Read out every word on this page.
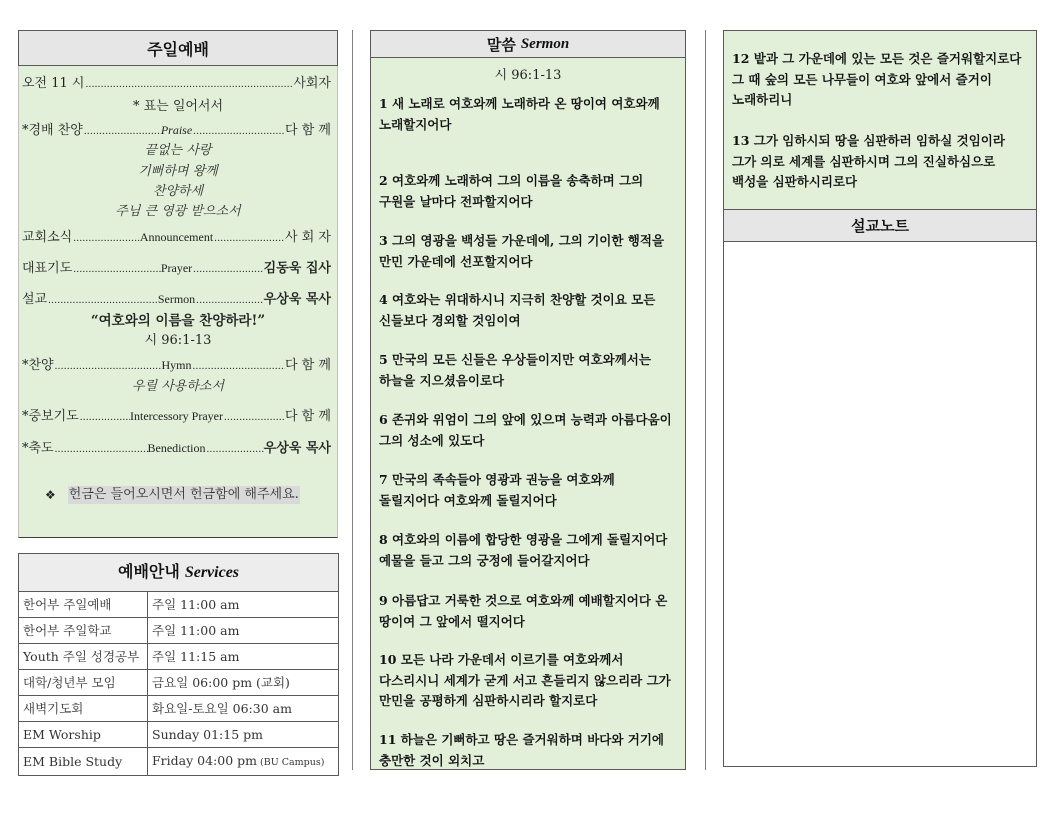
주일예배
오전 11 시 .....	사회자
* 표는 일어서서
*경배 찬양 .....	Praise .....	다 함 께
끝없는 사랑
기뻐하며 왕께
찬양하세
주님 큰 영광 받으소서
교회소식 .....	Announcement .....	사 회 자
대표기도 .....	Prayer .....	김동욱 집사
설교 .....	Sermon .....	우상욱 목사
“여호와의 이름을 찬양하라!”
시 96:1-13
*찬양 .....	Hymn .....	다 함 께
우릴 사용하소서
*중보기도 .....	Intercessory Prayer .....	다 함 께
*축도 .....	Benediction .....	우상욱 목사
❖
헌금은 들어오시면서 헌금함에 해주세요.
예배안내 Services	
한어부 주일예배	주일 11:00 am
한어부 주일학교	주일 11:00 am
Youth 주일 성경공부	주일 11:15 am
대학/청년부 모임	금요일 06:00 pm (교회)
새벽기도회	화요일-토요일 06:30 am
EM Worship	Sunday 01:15 pm
EM Bible Study	Friday 04:00 pm (BU Campus)
말씀 Sermon
시 96:1-13
1 새 노래로 여호와께 노래하라 온 땅이여 여호와께
노래할지어다
2 여호와께 노래하여 그의 이름을 송축하며 그의
구원을 날마다 전파할지어다
3 그의 영광을 백성들 가운데에, 그의 기이한 행적을
만민 가운데에 선포할지어다
4 여호와는 위대하시니 지극히 찬양할 것이요 모든
신들보다 경외할 것임이여
5 만국의 모든 신들은 우상들이지만 여호와께서는
하늘을 지으셨음이로다
6 존귀와 위엄이 그의 앞에 있으며 능력과 아름다움이
그의 성소에 있도다
7 만국의 족속들아 영광과 권능을 여호와께
돌릴지어다 여호와께 돌릴지어다
8 여호와의 이름에 합당한 영광을 그에게 돌릴지어다
예물을 들고 그의 궁정에 들어갈지어다
9 아름답고 거룩한 것으로 여호와께 예배할지어다 온
땅이여 그 앞에서 떨지어다
10 모든 나라 가운데서 이르기를 여호와께서
다스리시니 세계가 굳게 서고 흔들리지 않으리라 그가
만민을 공평하게 심판하시리라 할지로다
11 하늘은 기뻐하고 땅은 즐거워하며 바다와 거기에
충만한 것이 외치고
12 밭과 그 가운데에 있는 모든 것은 즐거워할지로다
그 때 숲의 모든 나무들이 여호와 앞에서 즐거이
노래하리니
13 그가 임하시되 땅을 심판하러 임하실 것임이라
그가 의로 세계를 심판하시며 그의 진실하심으로
백성을 심판하시리로다
설교노트
